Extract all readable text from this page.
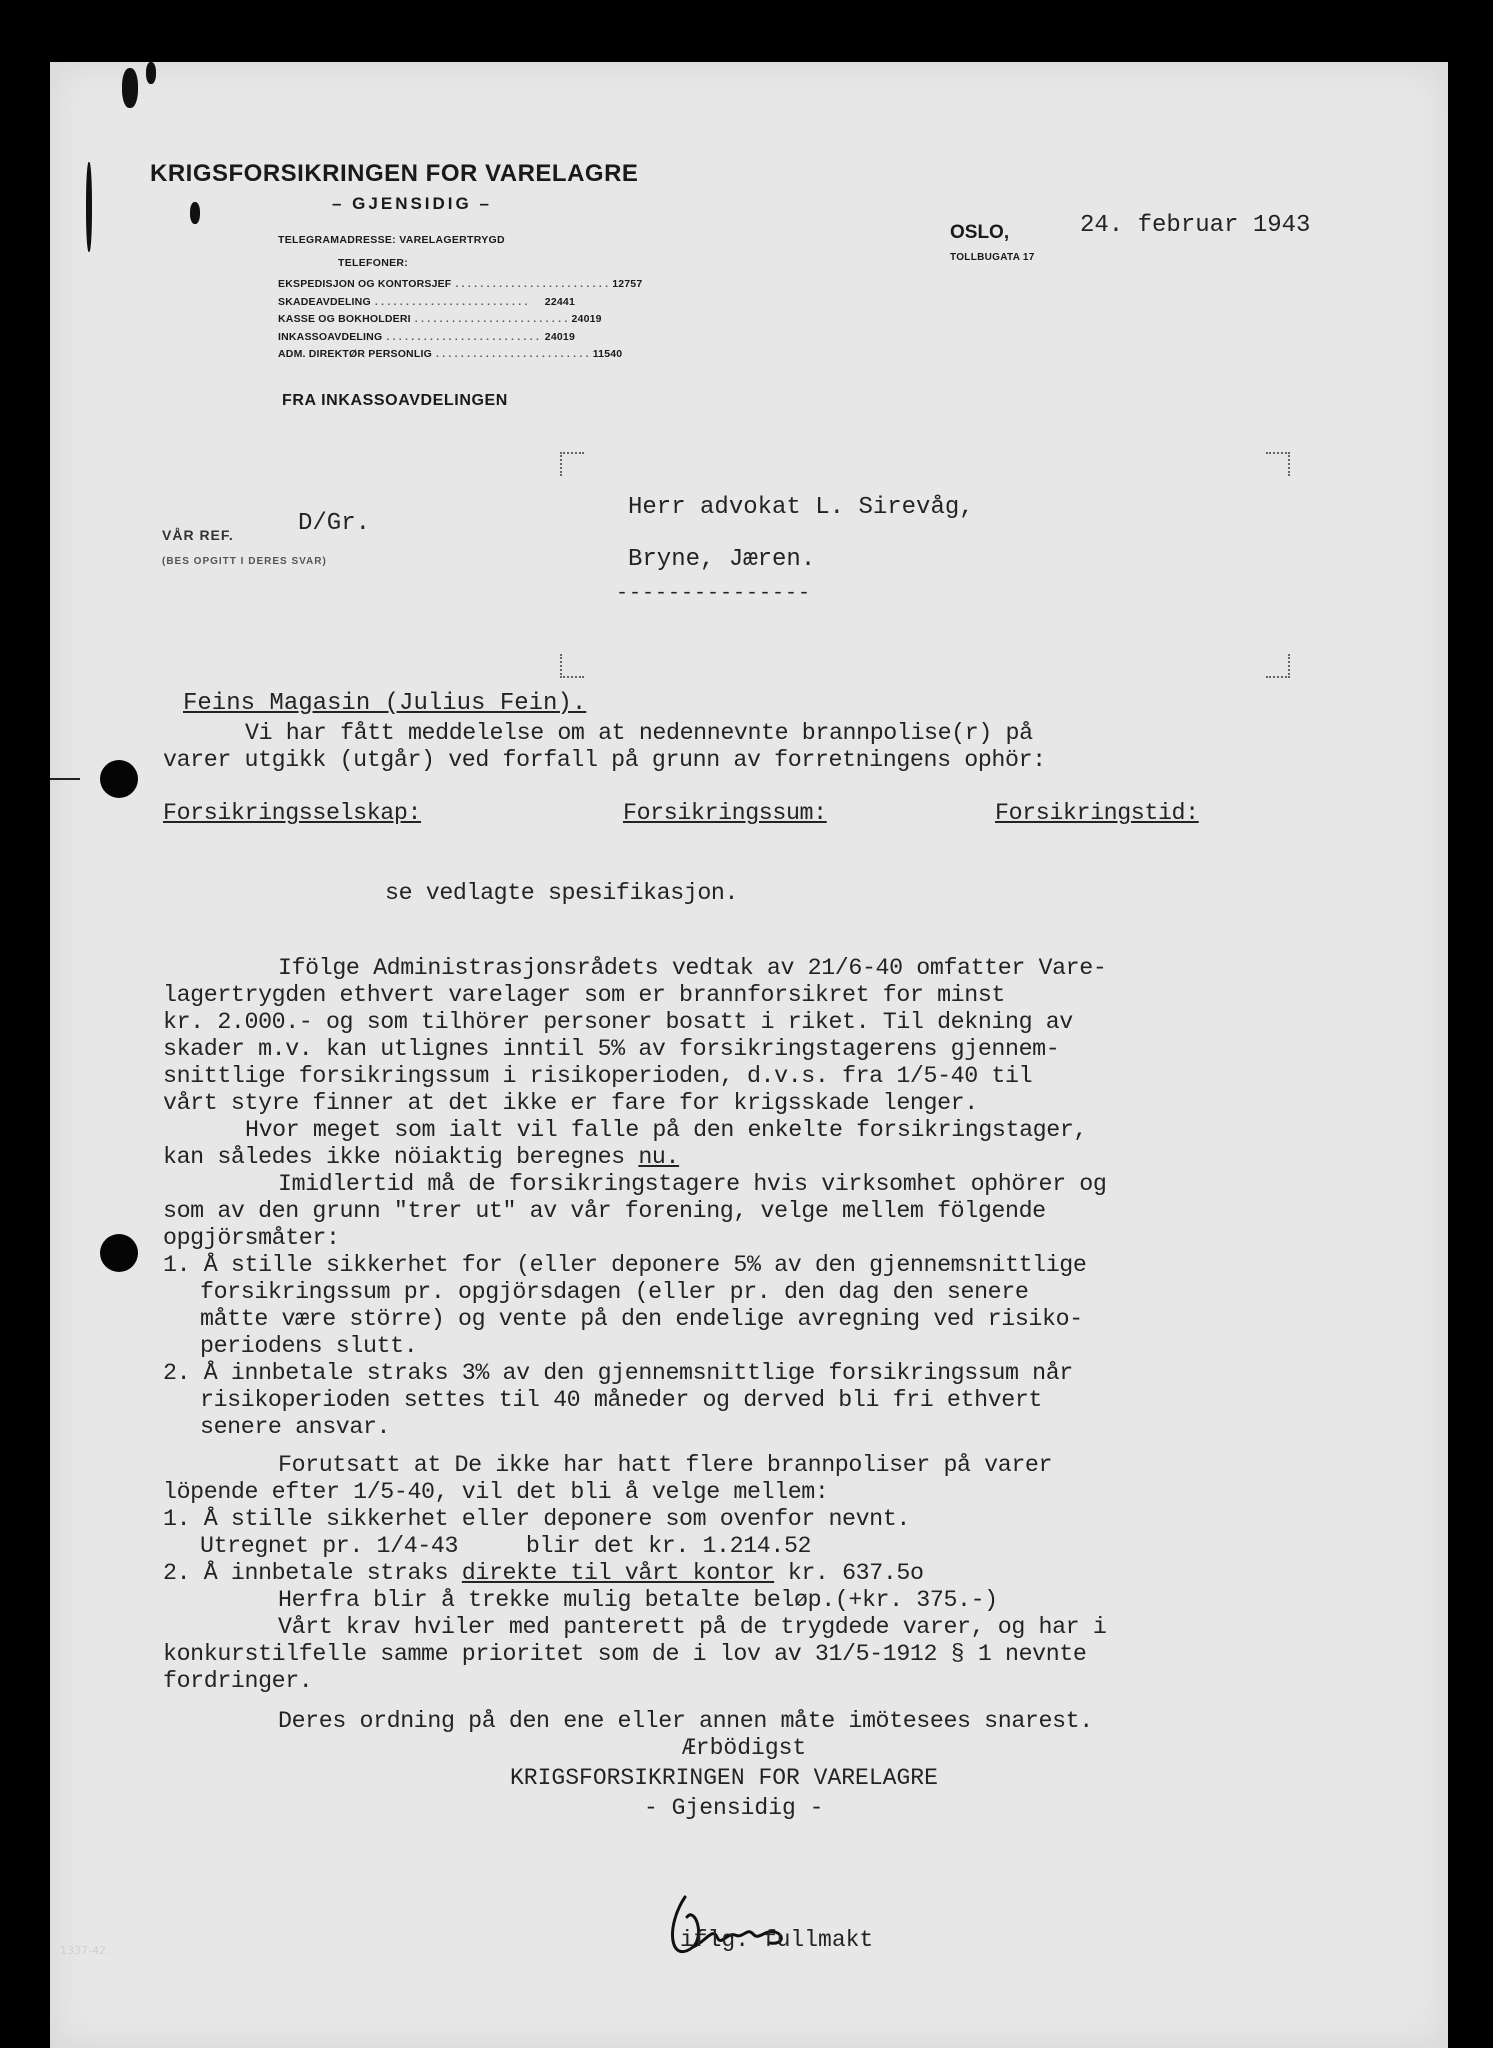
KRIGSFORSIKRINGEN FOR VARELAGRE
– GJENSIDIG –
TELEGRAMADRESSE: VARELAGERTRYGD
TELEFONER:
EKSPEDISJON OG KONTORSJEF . . . . . . . . . . . . . . . . . . . . . . . . . 12757
SKADEAVDELING . . . . . . . . . . . . . . . . . . . . . . . . .	22441
KASSE OG BOKHOLDERI . . . . . . . . . . . . . . . . . . . . . . . . . 24019
INKASSOAVDELING . . . . . . . . . . . . . . . . . . . . . . . . . 24019
ADM. DIREKTØR PERSONLIG . . . . . . . . . . . . . . . . . . . . . . . . . 11540
FRA INKASSOAVDELINGEN
OSLO,
TOLLBUGATA 17
24. februar 1943
VÅR REF.
(BES OPGITT I DERES SVAR)
D/Gr.
Herr advokat L. Sirevåg,
Bryne, Jæren.
---------------
Feins Magasin (Julius Fein).
Vi har fått meddelelse om at nedennevnte brannpolise(r) på
varer utgikk (utgår) ved forfall på grunn av forretningens ophör:
Forsikringsselskap:	Forsikringssum:	Forsikringstid:
se vedlagte spesifikasjon.
Ifölge Administrasjonsrådets vedtak av 21/6-40 omfatter Vare-
lagertrygden ethvert varelager som er brannforsikret for minst
kr. 2.000.- og som tilhörer personer bosatt i riket. Til dekning av
skader m.v. kan utlignes inntil 5% av forsikringstagerens gjennem-
snittlige forsikringssum i risikoperioden, d.v.s. fra 1/5-40 til
vårt styre finner at det ikke er fare for krigsskade lenger.
Hvor meget som ialt vil falle på den enkelte forsikringstager,
kan således ikke nöiaktig beregnes nu.
Imidlertid må de forsikringstagere hvis virksomhet ophörer og
som av den grunn "trer ut" av vår forening, velge mellem fölgende
opgjörsmåter:
1. Å stille sikkerhet for (eller deponere 5% av den gjennemsnittlige
forsikringssum pr. opgjörsdagen (eller pr. den dag den senere
måtte være större) og vente på den endelige avregning ved risiko-
periodens slutt.
2. Å innbetale straks 3% av den gjennemsnittlige forsikringssum når
risikoperioden settes til 40 måneder og derved bli fri ethvert
senere ansvar.
Forutsatt at De ikke har hatt flere brannpoliser på varer
löpende efter 1/5-40, vil det bli å velge mellem:
1. Å stille sikkerhet eller deponere som ovenfor nevnt.
Utregnet pr. 1/4-43     blir det kr. 1.214.52
2. Å innbetale straks direkte til vårt kontor kr. 637.5o
Herfra blir å trekke mulig betalte beløp.(+kr. 375.-)
Vårt krav hviler med panterett på de trygdede varer, og har i
konkurstilfelle samme prioritet som de i lov av 31/5-1912 § 1 nevnte
fordringer.
Deres ordning på den ene eller annen måte imötesees snarest.
Ærbödigst
KRIGSFORSIKRINGEN FOR VARELAGRE
- Gjensidig -
iflg. fullmakt
1337-42.
